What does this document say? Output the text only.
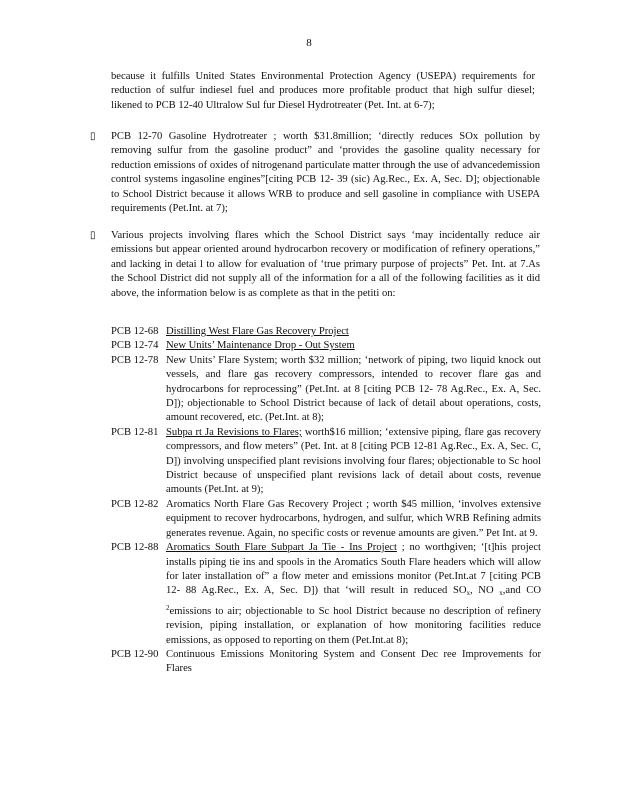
8
because it fulfills United States Environmental Protection Agency (USEPA) requirements for reduction of sulfur indiesel fuel and produces more profitable product that high sulfur diesel; likened to PCB 12-40 Ultralow Sul fur Diesel Hydrotreater (Pet. Int. at 6-7);
▯	PCB 12-70 Gasoline Hydrotreater ; worth $31.8million; ‘directly reduces SOx pollution by removing sulfur from the gasoline product” and ‘provides the gasoline quality necessary for reduction emissions of oxides of nitrogenand particulate matter through the use of advancedemission control systems ingasoline engines”[citing PCB 12- 39 (sic) Ag.Rec., Ex. A, Sec. D]; objectionable to School District because it allows WRB to produce and sell gasoline in compliance with USEPA requirements (Pet.Int. at 7);
▯	Various projects involving flares which the School District says ‘may incidentally reduce air emissions but appear oriented around hydrocarbon recovery or modification of refinery operations,” and lacking in detai l to allow for evaluation of ‘true primary purpose of projects” Pet. Int. at 7.As the School District did not supply all of the information for a all of the following facilities as it did above, the information below is as complete as that in the petiti on:
PCB 12-68 Distilling West Flare Gas Recovery Project
PCB 12-74 New Units’ Maintenance Drop - Out System
PCB 12-78 New Units’ Flare System; worth $32 million; ‘network of piping, two liquid knock out vessels, and flare gas recovery compressors, intended to recover flare gas and hydrocarbons for reprocessing” (Pet.Int. at 8 [citing PCB 12- 78 Ag.Rec., Ex. A, Sec. D]); objectionable to School District because of lack of detail about operations, costs, amount recovered, etc. (Pet.Int. at 8);
PCB 12-81 Subpa rt Ja Revisions to Flares; worth$16 million; ‘extensive piping, flare gas recovery compressors, and flow meters” (Pet. Int. at 8 [citing PCB 12-81 Ag.Rec., Ex. A, Sec. C, D]) involving unspecified plant revisions involving four flares; objectionable to Sc hool District because of unspecified plant revisions lack of detail about costs, revenue amounts (Pet.Int. at 9);
PCB 12-82 Aromatics North Flare Gas Recovery Project ; worth $45 million, ‘involves extensive equipment to recover hydrocarbons, hydrogen, and sulfur, which WRB Refining admits generates revenue. Again, no specific costs or revenue amounts are given.” Pet Int. at 9.
PCB 12-88 Aromatics South Flare Subpart Ja Tie - Ins Project ; no worthgiven; ‘[t]his project installs piping tie ins and spools in the Aromatics South Flare headers which will allow for later installation of” a flow meter and emissions monitor (Pet.Int.at 7 [citing PCB 12- 88 Ag.Rec., Ex. A, Sec. D]) that ‘will result in reduced $SO_x$, NO $_x$,and CO $^2$emissions to air; objectionable to Sc hool District because no description of refinery revision, piping installation, or explanation of how monitoring facilities reduce emissions, as opposed to reporting on them (Pet.Int.at 8);
PCB 12-90 Continuous Emissions Monitoring System and Consent Dec ree Improvements for Flares
